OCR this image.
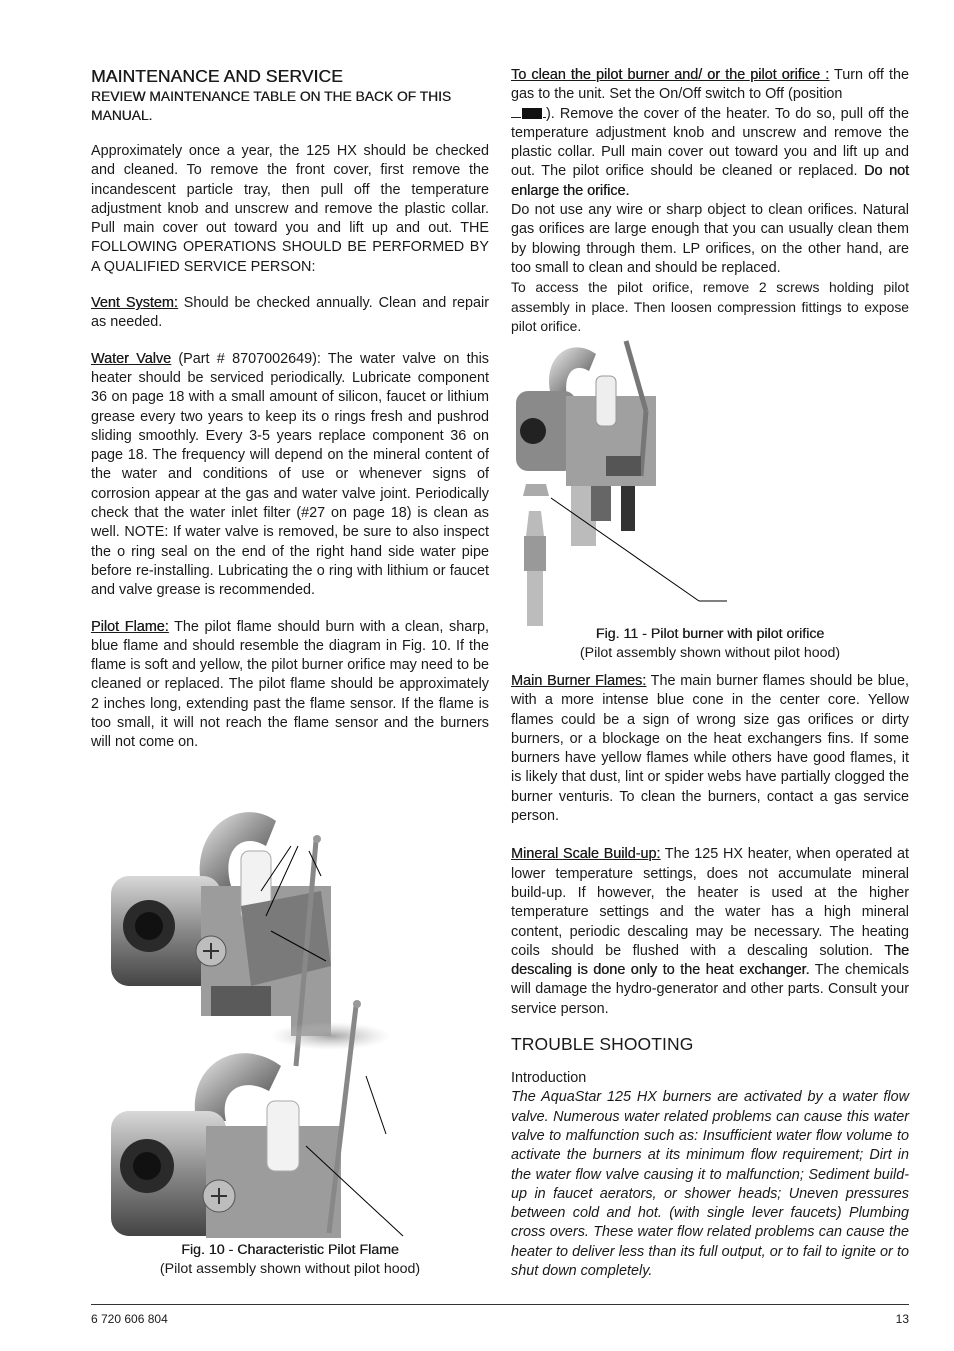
MAINTENANCE AND SERVICE

REVIEW MAINTENANCE TABLE ON THE BACK OF THIS MANUAL.

Approximately once a year, the 125 HX should be checked and cleaned. To remove the front cover, first remove the incandescent particle tray, then pull off the temperature adjustment knob and unscrew and remove the plastic collar. Pull main cover out toward you and lift up and out. THE FOLLOWING OPERATIONS SHOULD BE PERFORMED BY A QUALIFIED SERVICE PERSON:

Vent System: Should be checked annually. Clean and repair as needed.

Water Valve (Part # 8707002649): The water valve on this heater should be serviced periodically. Lubricate component 36 on page 18 with a small amount of silicon, faucet or lithium grease every two years to keep its o rings fresh and pushrod sliding smoothly. Every 3-5 years replace component 36 on page 18. The frequency will depend on the mineral content of the water and conditions of use or whenever signs of corrosion appear at the gas and water valve joint. Periodically check that the water inlet filter (#27 on page 18) is clean as well. NOTE: If water valve is removed, be sure to also inspect the o ring seal on the end of the right hand side water pipe before re-installing. Lubricating the o ring with lithium or faucet and valve grease is recommended.

Pilot Flame: The pilot flame should burn with a clean, sharp, blue flame and should resemble the diagram in Fig. 10. If the flame is soft and yellow, the pilot burner orifice may need to be cleaned or replaced. The pilot flame should be approximately 2 inches long, extending past the flame sensor. If the flame is too small, it will not reach the flame sensor and the burners will not come on.

Fig. 10 - Characteristic Pilot Flame
(Pilot assembly shown without pilot hood)

To clean the pilot burner and/ or the pilot orifice : Turn off the gas to the unit. Set the On/Off switch to Off (position
). Remove the cover of the heater. To do so, pull off the temperature adjustment knob and unscrew and remove the plastic collar. Pull main cover out toward you and lift up and out. The pilot orifice should be cleaned or replaced. Do not enlarge the orifice.

Do not use any wire or sharp object to clean orifices. Natural gas orifices are large enough that you can usually clean them by blowing through them. LP orifices, on the other hand, are too small to clean and should be replaced.

To access the pilot orifice, remove 2 screws holding pilot assembly in place. Then loosen compression fittings to expose pilot orifice.

Fig. 11 - Pilot burner with pilot orifice
(Pilot assembly shown without pilot hood)

Main Burner Flames: The main burner flames should be blue, with a more intense blue cone in the center core. Yellow flames could be a sign of wrong size gas orifices or dirty burners, or a blockage on the heat exchangers fins. If some burners have yellow flames while others have good flames, it is likely that dust, lint or spider webs have partially clogged the burner venturis. To clean the burners, contact a gas service person.

Mineral Scale Build-up: The 125 HX heater, when operated at lower temperature settings, does not accumulate mineral build-up. If however, the heater is used at the higher temperature settings and the water has a high mineral content, periodic descaling may be necessary. The heating coils should be flushed with a descaling solution. The descaling is done only to the heat exchanger. The chemicals will damage the hydro-generator and other parts. Consult your service person.

TROUBLE SHOOTING

Introduction

The AquaStar 125 HX burners are activated by a water flow valve. Numerous water related problems can cause this water valve to malfunction such as: Insufficient water flow volume to activate the burners at its minimum flow requirement; Dirt in the water flow valve causing it to malfunction; Sediment build-up in faucet aerators, or shower heads; Uneven pressures between cold and hot. (with single lever faucets) Plumbing cross overs. These water flow related problems can cause the heater to deliver less than its full output, or to fail to ignite or to shut down completely.

6 720 606 804	13
